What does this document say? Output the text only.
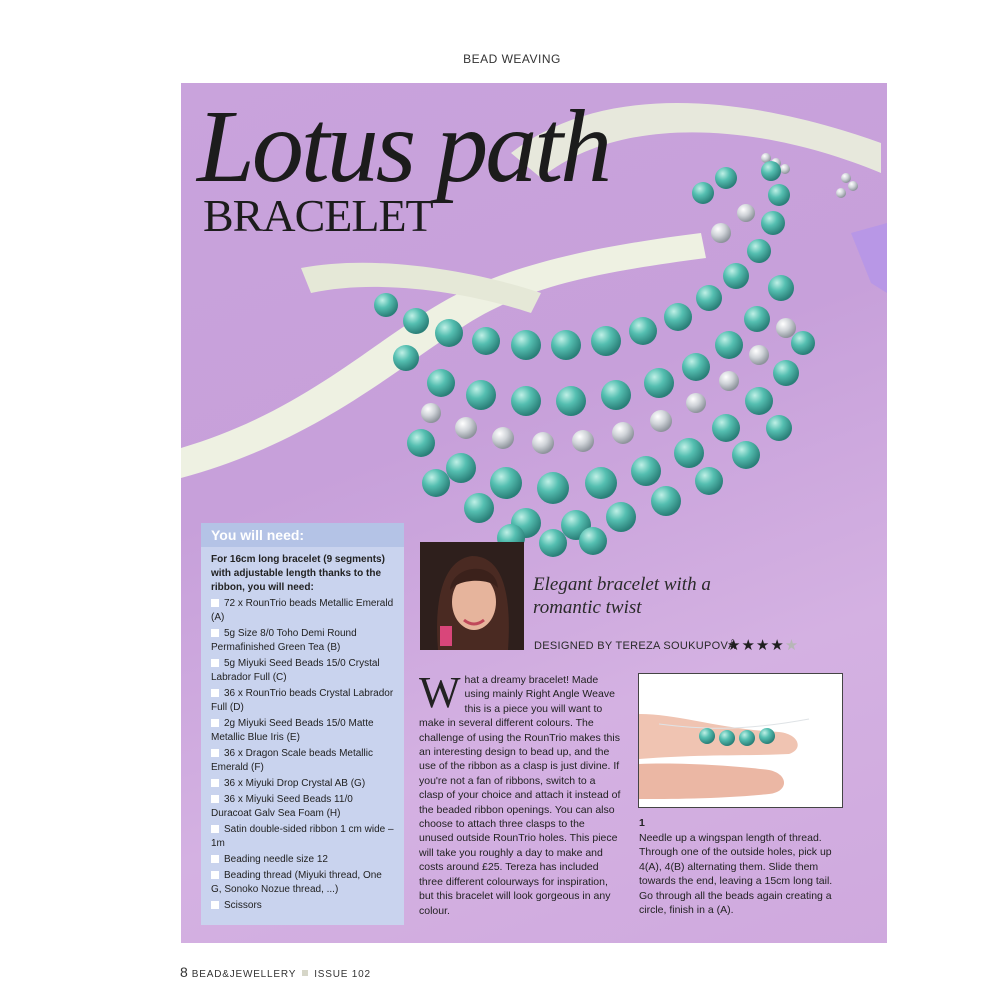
BEAD WEAVING
Lotus path
BRACELET
You will need:
For 16cm long bracelet (9 segments) with adjustable length thanks to the ribbon, you will need:
72 x RounTrio beads Metallic Emerald (A)
5g Size 8/0 Toho Demi Round Permafinished Green Tea (B)
5g Miyuki Seed Beads 15/0 Crystal Labrador Full (C)
36 x RounTrio beads Crystal Labrador Full (D)
2g Miyuki Seed Beads 15/0 Matte Metallic Blue Iris (E)
36 x Dragon Scale beads Metallic Emerald (F)
36 x Miyuki Drop Crystal AB (G)
36 x Miyuki Seed Beads 11/0 Duracoat Galv Sea Foam (H)
Satin double-sided ribbon 1 cm wide – 1m
Beading needle size 12
Beading thread (Miyuki thread, One G, Sonoko Nozue thread, ...)
Scissors
Elegant bracelet with a romantic twist
DESIGNED BY TEREZA SOUKUPOVÁ
★★★★★
What a dreamy bracelet! Made using mainly Right Angle Weave this is a piece you will want to make in several different colours. The challenge of using the RounTrio makes this an interesting design to bead up, and the use of the ribbon as a clasp is just divine. If you're not a fan of ribbons, switch to a clasp of your choice and attach it instead of the beaded ribbon openings. You can also choose to attach three clasps to the unused outside RounTrio holes. This piece will take you roughly a day to make and costs around £25. Tereza has included three different colourways for inspiration, but this bracelet will look gorgeous in any colour.
1
Needle up a wingspan length of thread. Through one of the outside holes, pick up 4(A), 4(B) alternating them. Slide them towards the end, leaving a 15cm long tail. Go through all the beads again creating a circle, finish in a (A).
8 BEAD&JEWELLERY ISSUE 102
